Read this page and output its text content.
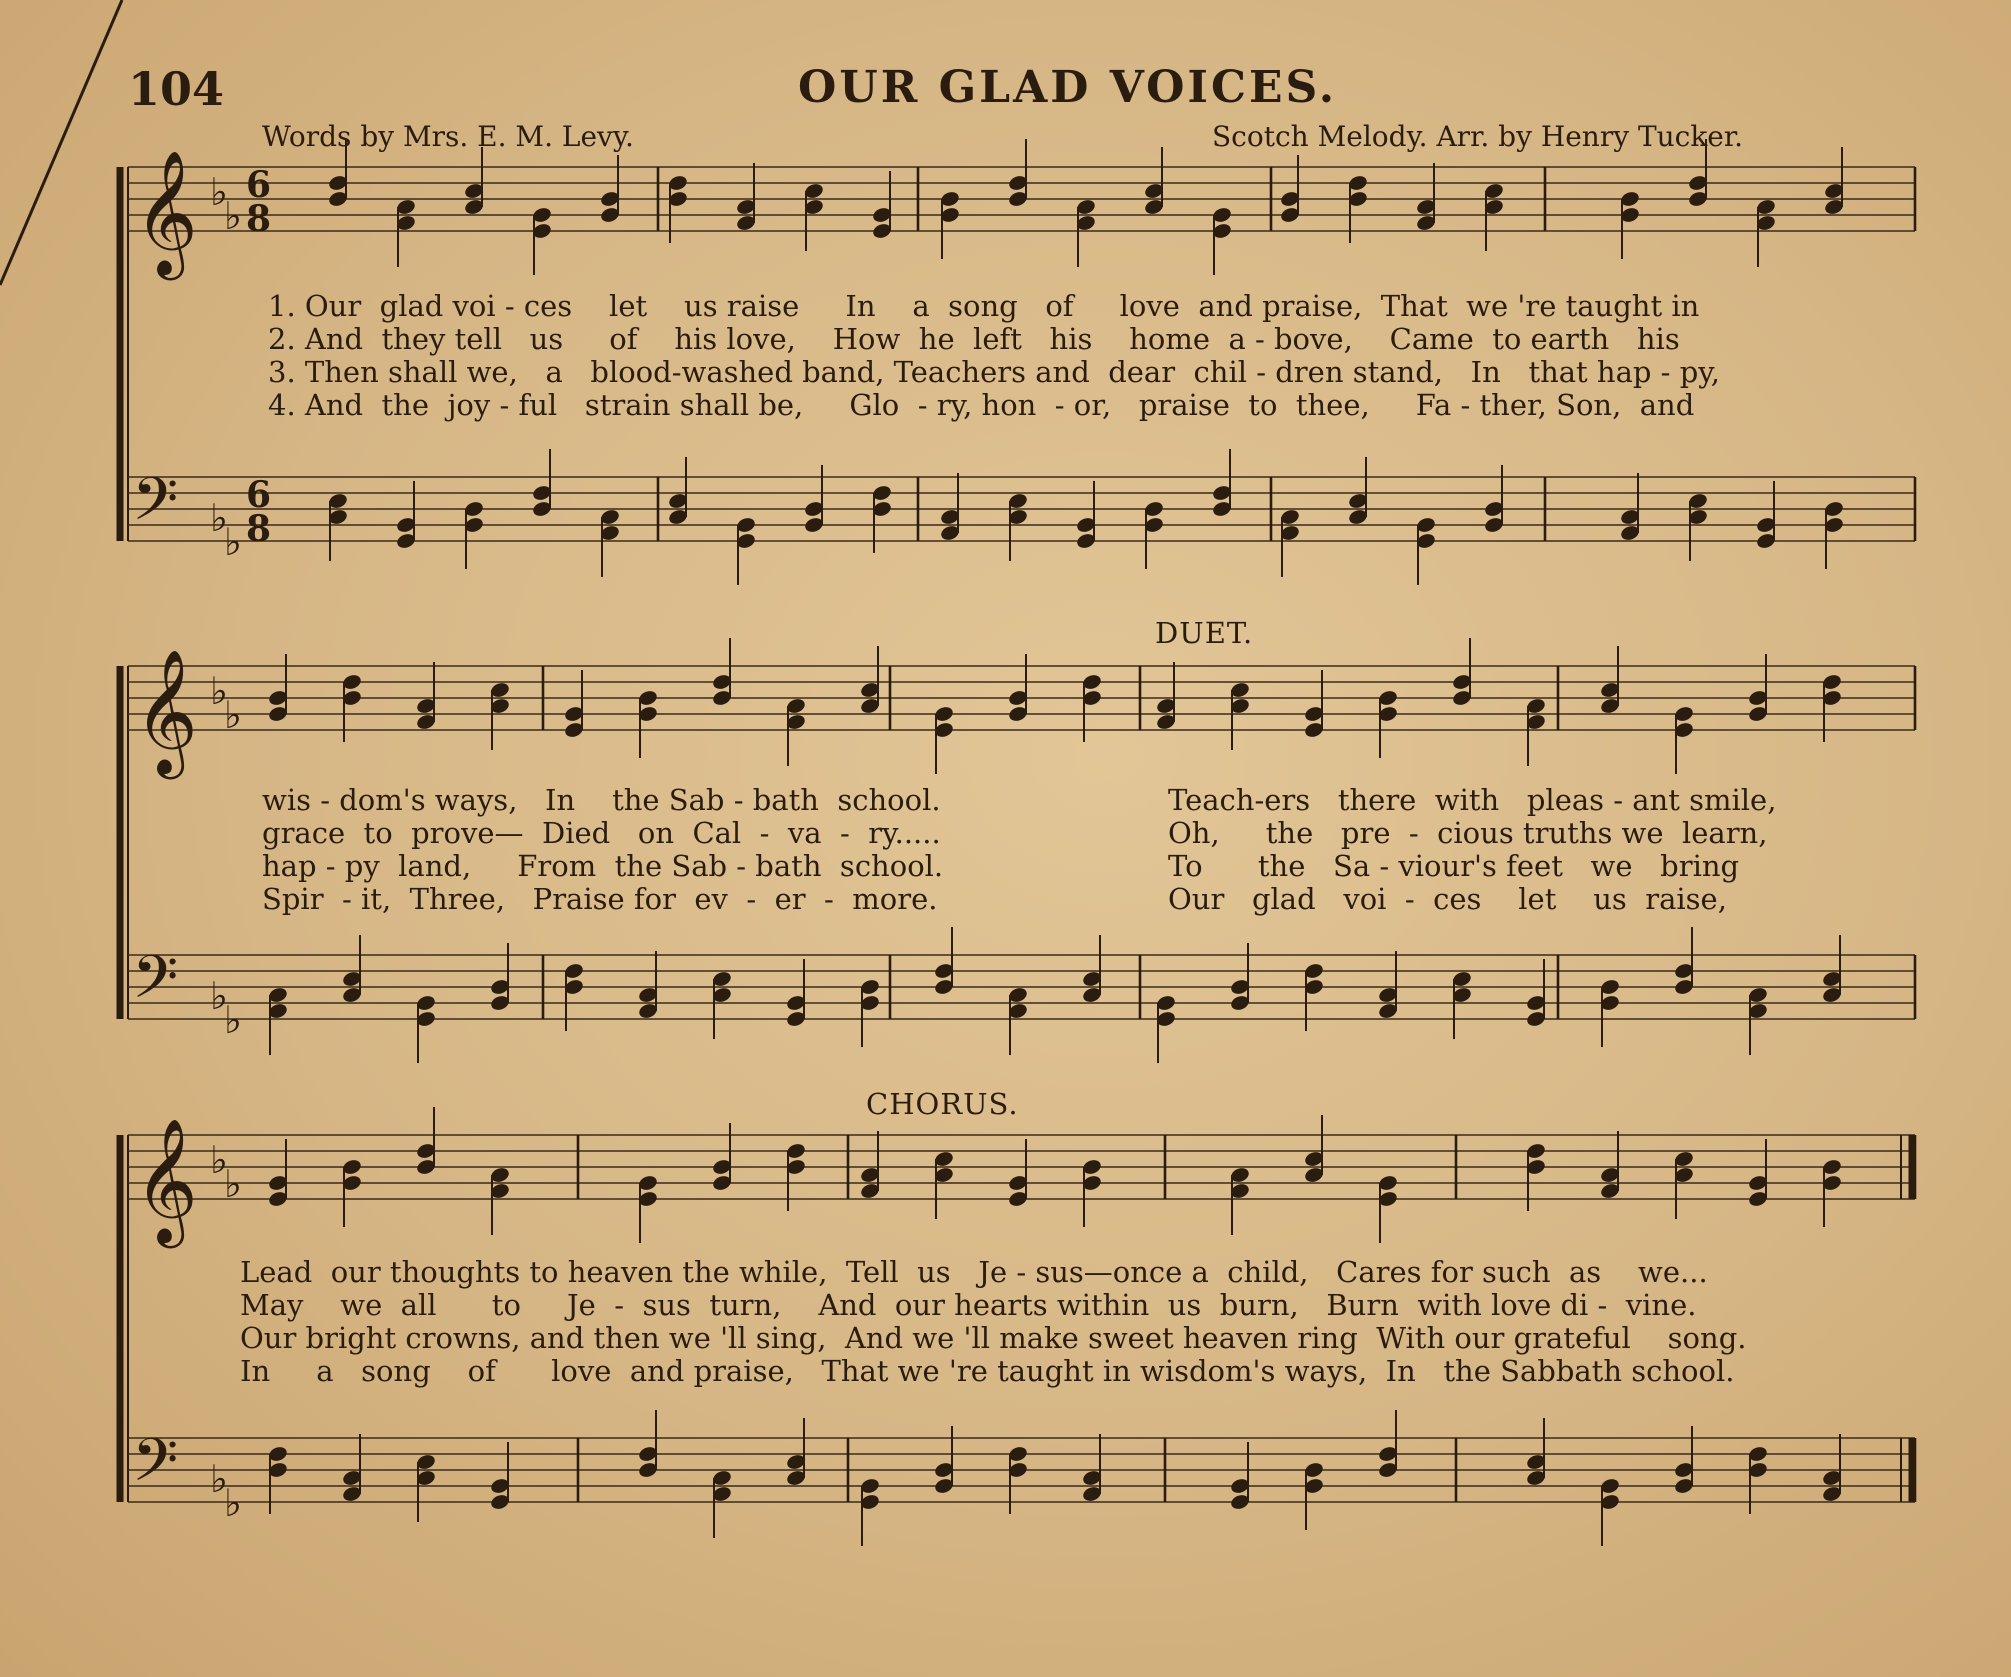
𝄞 ♭
♭
6
8
𝄢 ♭
♭
6
8
𝄞 ♭
♭
𝄢 ♭
♭
𝄞 ♭
♭
𝄢 ♭
♭
104	OUR GLAD VOICES.
Words by Mrs. E. M. Levy.	Scotch Melody. Arr. by Henry Tucker.
DUET.
CHORUS.
1. Our  glad voi - ces    let    us raise     In    a  song   of     love  and praise,  That  we 're taught in
2. And  they tell   us     of    his love,    How  he  left   his    home  a - bove,    Came  to earth   his
3. Then shall we,   a   blood-washed band, Teachers and  dear  chil - dren stand,   In   that hap - py,
4. And  the  joy - ful   strain shall be,     Glo  - ry, hon  - or,   praise  to  thee,     Fa - ther, Son,  and
wis - dom's ways,   In    the Sab - bath  school.
grace  to  prove—  Died   on  Cal  -  va  -  ry.....
hap - py  land,     From  the Sab - bath  school.
Spir  - it,  Three,   Praise for  ev  -  er  -  more.
Teach-ers   there  with   pleas - ant smile,
Oh,     the   pre  -  cious truths we  learn,
To      the   Sa - viour's feet   we   bring
Our   glad   voi  -  ces    let    us  raise,
Lead  our thoughts to heaven the while,  Tell  us   Je - sus—once a  child,   Cares for such  as    we...
May    we  all      to     Je  -  sus  turn,    And  our hearts within  us  burn,   Burn  with love di -  vine.
Our bright crowns, and then we 'll sing,  And we 'll make sweet heaven ring  With our grateful    song.
In     a   song    of      love  and praise,   That we 're taught in wisdom's ways,  In   the Sabbath school.
